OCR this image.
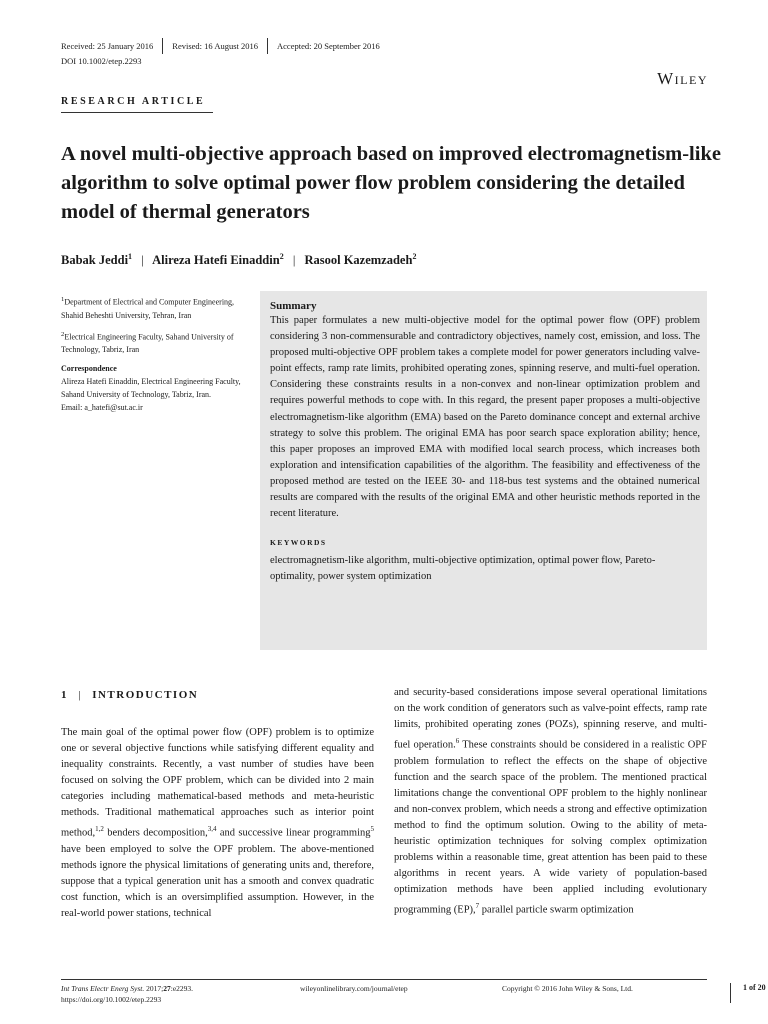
Received: 25 January 2016 Revised: 16 August 2016 Accepted: 20 September 2016
DOI 10.1002/etep.2293
Wiley
RESEARCH ARTICLE
A novel multi-objective approach based on improved electromagnetism-like algorithm to solve optimal power flow problem considering the detailed model of thermal generators
Babak Jeddi$^1$ | Alireza Hatefi Einaddin$^2$ | Rasool Kazemzadeh$^2$

$^1$Department of Electrical and Computer Engineering, Shahid Beheshti University, Tehran, Iran

$^2$Electrical Engineering Faculty, Sahand University of Technology, Tabriz, Iran

Correspondence

Alireza Hatefi Einaddin, Electrical Engineering Faculty, Sahand University of Technology, Tabriz, Iran.

Email: a_hatefi@sut.ac.ir

Summary
This paper formulates a new multi-objective model for the optimal power flow (OPF) problem considering 3 non-commensurable and contradictory objectives, namely cost, emission, and loss. The proposed multi-objective OPF problem takes a complete model for power generators including valve-point effects, ramp rate limits, prohibited operating zones, spinning reserve, and multi-fuel operation. Considering these constraints results in a non-convex and non-linear optimization problem and requires powerful methods to cope with. In this regard, the present paper proposes a multi-objective electromagnetism-like algorithm (EMA) based on the Pareto dominance concept and external archive strategy to solve this problem. The original EMA has poor search space exploration ability; hence, this paper proposes an improved EMA with modified local search process, which increases both exploration and intensification capabilities of the algorithm. The feasibility and effectiveness of the proposed method are tested on the IEEE 30- and 118-bus test systems and the obtained numerical results are compared with the results of the original EMA and other heuristic methods reported in the recent literature.
KEYWORDS
electromagnetism-like algorithm, multi-objective optimization, optimal power flow, Pareto-optimality, power system optimization
1 | INTRODUCTION
The main goal of the optimal power flow (OPF) problem is to optimize one or several objective functions while satisfying different equality and inequality constraints. Recently, a vast number of studies have been focused on solving the OPF problem, which can be divided into 2 main categories including mathematical-based methods and meta-heuristic methods. Traditional mathematical approaches such as interior point method,$^{1,2}$ benders decomposition,$^{3,4}$ and successive linear programming$^5$ have been employed to solve the OPF problem. The above-mentioned methods ignore the physical limitations of generating units and, therefore, suppose that a typical generation unit has a smooth and convex quadratic cost function, which is an oversimplified assumption. However, in the real-world power stations, technical
and security-based considerations impose several operational limitations on the work condition of generators such as valve-point effects, ramp rate limits, prohibited operating zones (POZs), spinning reserve, and multi-fuel operation.$^6$ These constraints should be considered in a realistic OPF problem formulation to reflect the effects on the shape of objective function and the search space of the problem. The mentioned practical limitations change the conventional OPF problem to the highly nonlinear and non-convex problem, which needs a strong and effective optimization method to find the optimum solution. Owing to the ability of meta-heuristic optimization techniques for solving complex optimization problems within a reasonable time, great attention has been paid to these algorithms in recent years. A wide variety of population-based optimization methods have been applied including evolutionary programming (EP),$^7$ parallel particle swarm optimization
Int Trans Electr Energ Syst. 2017;27:e2293.
https://doi.org/10.1002/etep.2293
wileyonlinelibrary.com/journal/etep	Copyright © 2016 John Wiley & Sons, Ltd.	1 of 20
